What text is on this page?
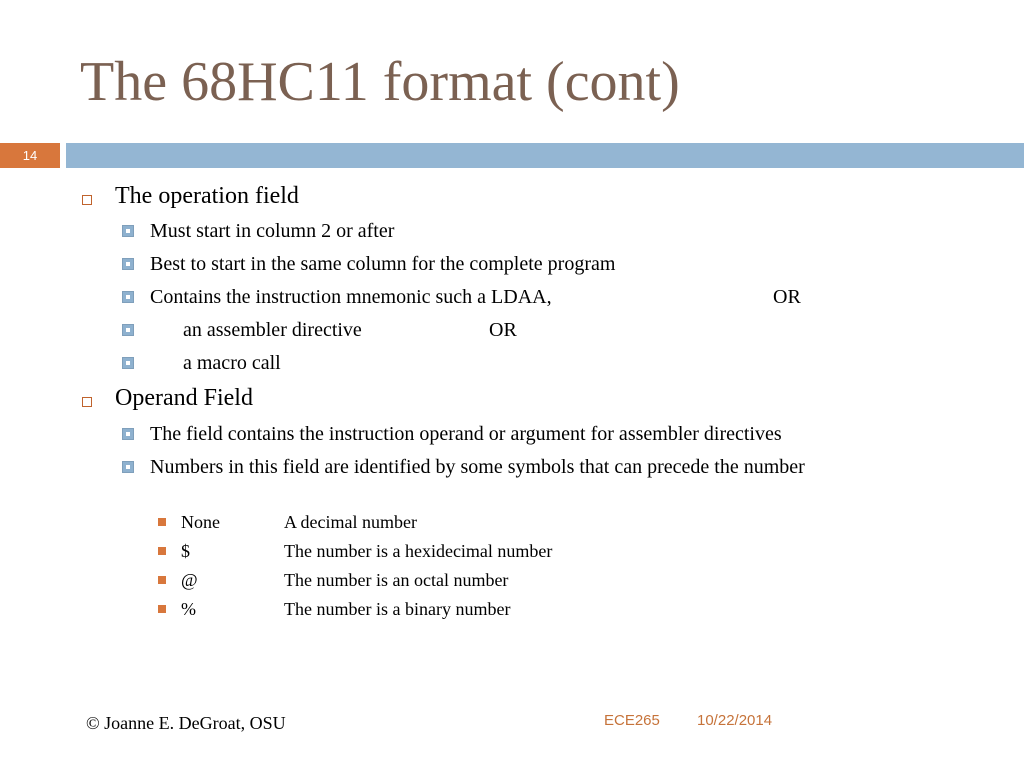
The 68HC11 format (cont)
14
The operation field
Must start in column 2 or after
Best to start in the same column for the complete program
Contains the instruction mnemonic such a LDAA,	OR
an assembler directive	OR
a macro call
Operand Field
The field contains the instruction operand or argument for assembler directives
Numbers in this field are identified by some symbols that can precede the number
None	A decimal number
$	The number is a hexidecimal number
@	The number is an octal number
%	The number is a binary number
© Joanne E. DeGroat, OSU	ECE265 10/22/2014
